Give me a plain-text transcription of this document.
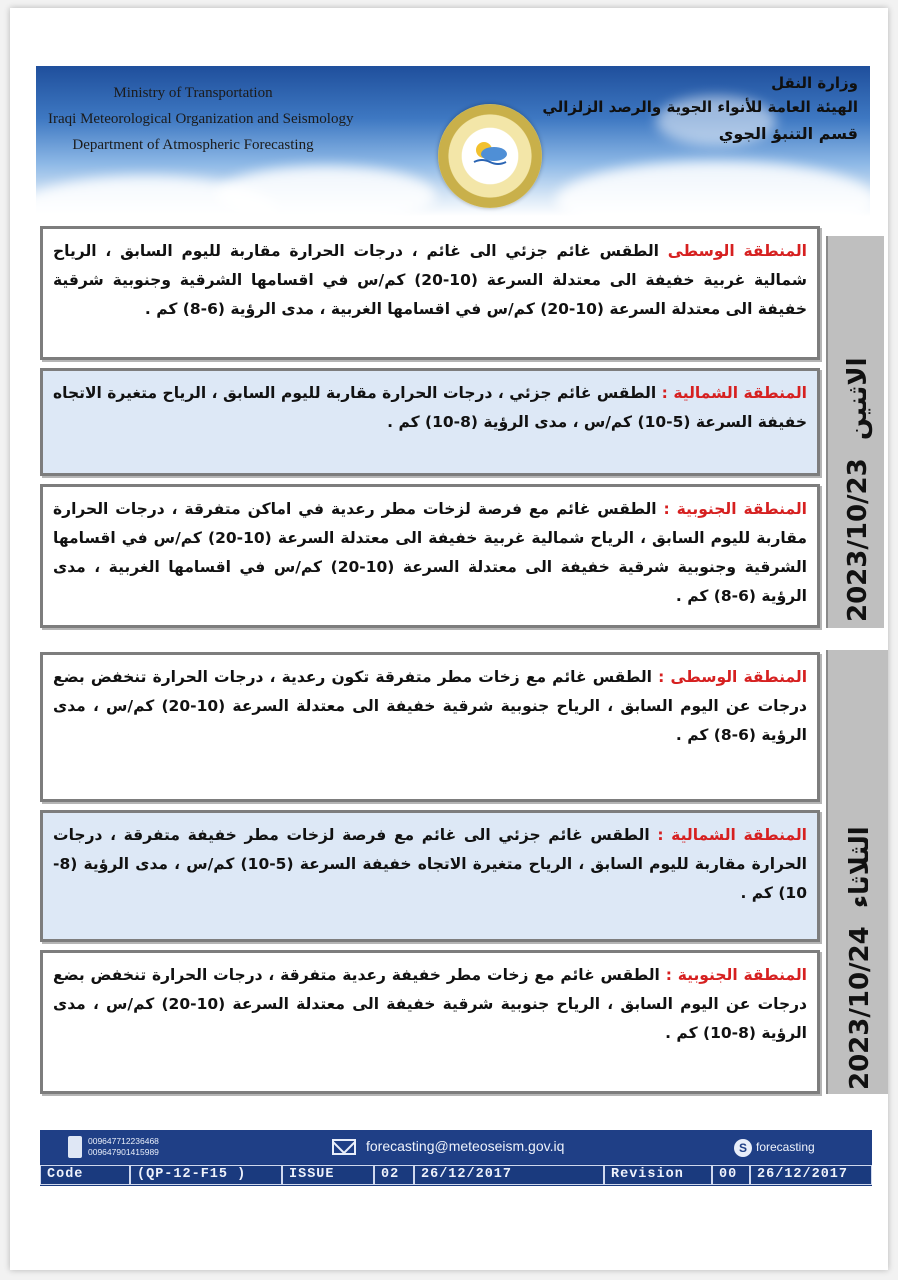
Ministry of Transportation
Iraqi Meteorological Organization and Seismology
Department of Atmospheric Forecasting
وزارة النقل
الهيئة العامة للأنواء الجوية والرصد الزلزالي
قسم التنبؤ الجوي
2023/10/23  الاثنين
المنطقة الوسطى الطقس غائم جزئي الى غائم ، درجات الحرارة مقاربة لليوم السابق ، الرياح شمالية غربية خفيفة الى معتدلة السرعة (10-20) كم/س في اقسامها الشرقية وجنوبية شرقية خفيفة الى معتدلة السرعة (10-20) كم/س في اقسامها الغربية ، مدى الرؤية (6-8) كم .
المنطقة الشمالية : الطقس غائم جزئي ، درجات الحرارة مقاربة لليوم السابق ، الرياح متغيرة الاتجاه خفيفة السرعة (5-10) كم/س ، مدى الرؤية (8-10) كم .
المنطقة الجنوبية : الطقس غائم مع فرصة لزخات مطر رعدية في اماكن متفرقة ، درجات الحرارة مقاربة لليوم السابق ، الرياح شمالية غربية خفيفة الى معتدلة السرعة (10-20) كم/س في اقسامها الشرقية وجنوبية شرقية خفيفة الى معتدلة السرعة (10-20) كم/س في اقسامها الغربية ، مدى الرؤية (6-8) كم .
2023/10/24  الثلاثاء
المنطقة الوسطى : الطقس غائم مع زخات مطر متفرقة تكون رعدية ، درجات الحرارة تنخفض بضع درجات عن اليوم السابق ، الرياح جنوبية شرقية خفيفة الى معتدلة السرعة (10-20) كم/س ، مدى الرؤية (6-8) كم .
المنطقة الشمالية : الطقس غائم جزئي الى غائم مع فرصة لزخات مطر خفيفة متفرقة ، درجات الحرارة مقاربة لليوم السابق ، الرياح متغيرة الاتجاه خفيفة السرعة (5-10) كم/س ، مدى الرؤية (8-10) كم .
المنطقة الجنوبية : الطقس غائم مع زخات مطر خفيفة رعدية متفرقة ، درجات الحرارة تنخفض بضع درجات عن اليوم السابق ، الرياح جنوبية شرقية خفيفة الى معتدلة السرعة (10-20) كم/س ، مدى الرؤية (8-10) كم .
009647712236468
009647901415989	forecasting@meteoseism.gov.iq	S forecasting
Code	(QP-12-F15 )	ISSUE	02	26/12/2017	Revision	00	26/12/2017
